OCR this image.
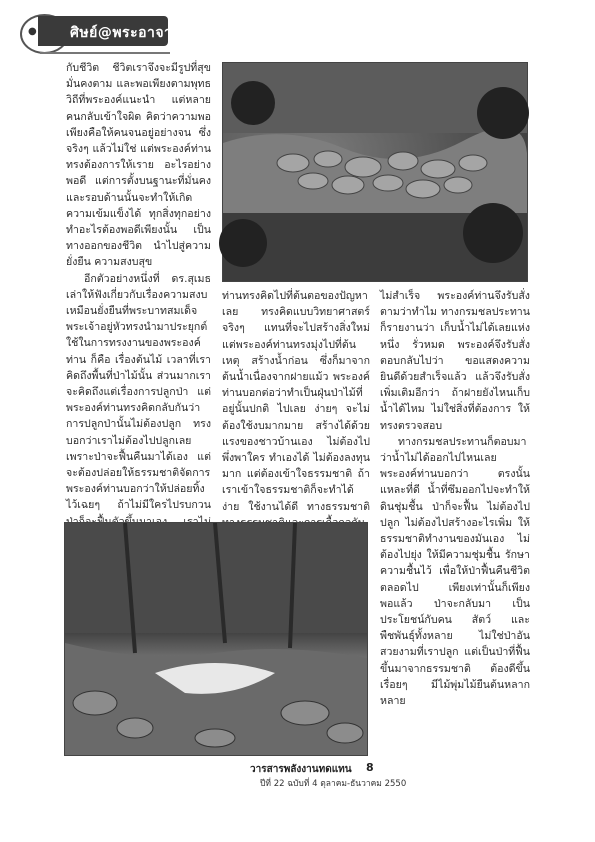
● ศิษย์@พระอาจารย์

กับชีวิต ชีวิตเราจึงจะมีรูปที่สุขมั่นคงตาม และพอเพียงตามพุทธวิถีที่พระองค์แนะนำ แต่หลายคนกลับเข้าใจผิด คิดว่าความพอเพียงคือให้คนจนอยู่อย่างจน ซึ่งจริงๆ แล้วไม่ใช่ แต่พระองค์ท่านทรงต้องการให้เราย อะไรอย่างพอดี แต่การตั้งบนฐานะที่มั่นคงและรอบด้านนั้นจะทำให้เกิดความเข้มแข็งได้ ทุกสิ่งทุกอย่างทำอะไรต้องพอดีเพียงนั้น เป็นทางออกของชีวิต นำไปสู่ความยั่งยืน ความสงบสุข

อีกตัวอย่างหนึ่งที่ ดร.สุเมธ เล่าให้ฟังเกี่ยวกับเรื่องความสงบเหมือนยั่งยืนที่พระบาทสมเด็จพระเจ้าอยู่หัวทรงนำมาประยุกต์ใช้ในการทรงงานของพระองค์ท่าน ก็คือ เรื่องต้นไม้ เวลาที่เราคิดถึงพื้นที่ป่าไม้นั้น ส่วนมากเราจะคิดถึงแต่เรื่องการปลูกป่า แต่พระองค์ท่านทรงคิดกลับกันว่า การปลูกป่านั้นไม่ต้องปลูก ทรงบอกว่าเราไม่ต้องไปปลูกเลยเพราะป่าจะฟื้นคืนมาได้เอง แต่จะต้องปล่อยให้ธรรมชาติจัดการ พระองค์ท่านบอกว่าให้ปล่อยทิ้งไว้เฉยๆ ถ้าไม่มีใครไปรบกวน

ท่านทรงคิดไปที่ต้นตอของปัญหาเลย ทรงคิดแบบวิทยาศาสตร์จริงๆ แทนที่จะไปสร้างสิ่งใหม่ แต่พระองค์ท่านทรงมุ่งไปที่ต้นเหตุ สร้างน้ำก่อน ซึ่งก็มาจากต้นน้ำเนื่องจากฝายแม้ว พระองค์ท่านบอกต่อว่าทำเป็นฝุ่นป่าไม้ที่อยู่นั้นปกติ ไปเลย ง่ายๆ จะไม่ต้องใช้งบมากมาย สร้างได้ด้วยแรงของชาวบ้านเอง ไม่ต้องไปพึ่งพาใคร ทำเองได้ ไม่ต้องลงทุนมาก แต่ต้องเข้าใจธรรมชาติ ถ้าเราเข้าใจธรรมชาติก็จะทำได้ง่าย ใช้งานได้ดี ทางธรรมชาติ

ไม่สำเร็จ พระองค์ท่านจึงรับสั่งตามว่าทำไม ทางกรมชลประทานก็รายงานว่า เก็บน้ำไม่ได้เลยแห่งหนึ่ง รั่วหมด พระองค์จึงรับสั่งตอบกลับไปว่า ขอแสดงความยินดีด้วยสำเร็จแล้ว แล้วจึงรับสั่งเพิ่มเติมอีกว่า ถ้าฝายยังไหนเก็บน้ำได้ไหม ไม่ใช่สิ่งที่ต้องการ ให้ทรงตรวจสอบ

ทางกรมชลประทานก็ตอบมาว่าน้ำไม่ได้ออกไปไหนเลย พระองค์ท่านบอกว่า ตรงนั้นแหละที่ดี น้ำที่ซึมออกไปจะทำให้ดินชุ่มชื้น ป่าก็จะฟื้น ไม่ต้องไปปลูก ไม่ต้องไปสร้างอะไรเพิ่ม ให้ธรรมชาติทำงานของมันเอง ไม่ต้องไปยุ่ง ให้มีความชุ่มชื้น รักษาความชื้นไว้ เพื่อให้ป่าฟื้นคืนชีวิต ตลอดไป เพียงเท่านั้นก็เพียงพอแล้ว ป่าจะกลับมา เป็นประโยชน์กับคน สัตว์ และพืชพันธุ์ทั้งหลาย ไม่ใช่ป่าอันสวยงามที่เราปลูก แต่เป็นป่าที่ฟื้นขึ้นมาจากธรรมชาติ ต้องดีขึ้นเรื่อยๆ มีไม้พุ่มไม้ยืนต้นหลากหลาย

วารสารพลังงานทดแทน 8
ปีที่ 22 ฉบับที่ 4 ตุลาคม-ธันวาคม 2550
